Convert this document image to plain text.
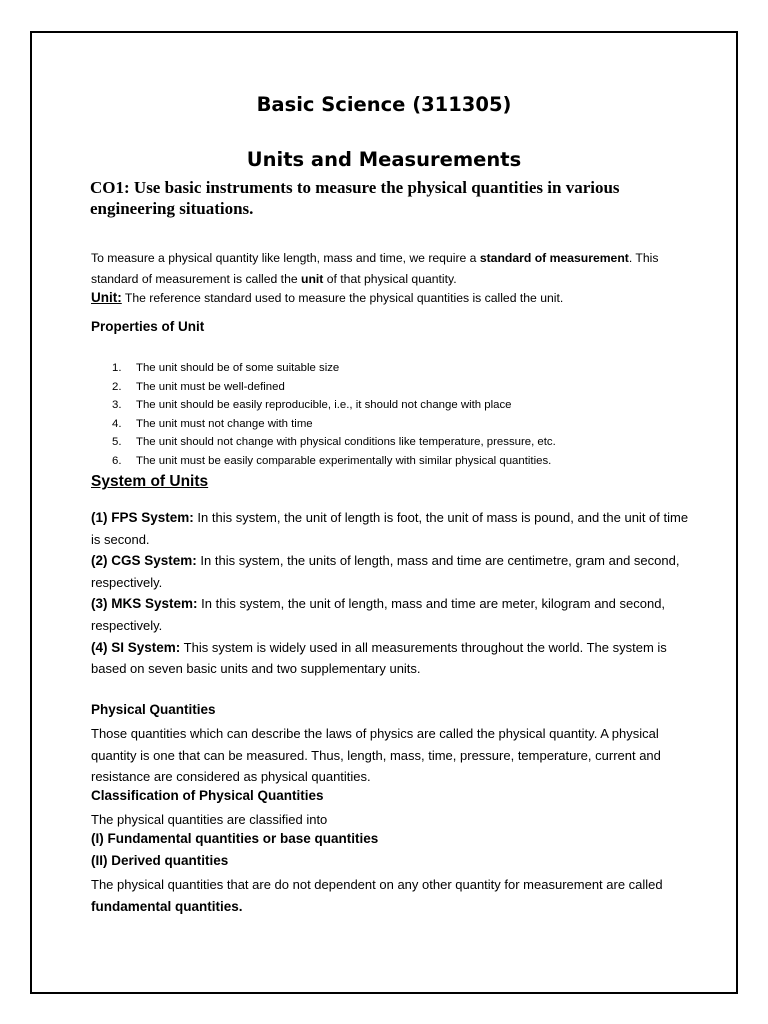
Basic Science (311305)
Units and Measurements

CO1: Use basic instruments to measure the physical quantities in various engineering situations.

To measure a physical quantity like length, mass and time, we require a standard of measurement. This standard of measurement is called the unit of that physical quantity.

Unit: The reference standard used to measure the physical quantities is called the unit.

Properties of Unit
1.	The unit should be of some suitable size
2.	The unit must be well-defined
3.	The unit should be easily reproducible, i.e., it should not change with place
4.	The unit must not change with time
5.	The unit should not change with physical conditions like temperature, pressure, etc.
6.	The unit must be easily comparable experimentally with similar physical quantities.
System of Units

(1) FPS System: In this system, the unit of length is foot, the unit of mass is pound, and the unit of time is second.

(2) CGS System: In this system, the units of length, mass and time are centimetre, gram and second, respectively.

(3) MKS System: In this system, the unit of length, mass and time are meter, kilogram and second, respectively.

(4) SI System: This system is widely used in all measurements throughout the world. The system is based on seven basic units and two supplementary units.

Physical Quantities

Those quantities which can describe the laws of physics are called the physical quantity. A physical quantity is one that can be measured. Thus, length, mass, time, pressure, temperature, current and resistance are considered as physical quantities.

Classification of Physical Quantities

The physical quantities are classified into

(I) Fundamental quantities or base quantities

(II) Derived quantities

The physical quantities that are do not dependent on any other quantity for measurement are called fundamental quantities.
